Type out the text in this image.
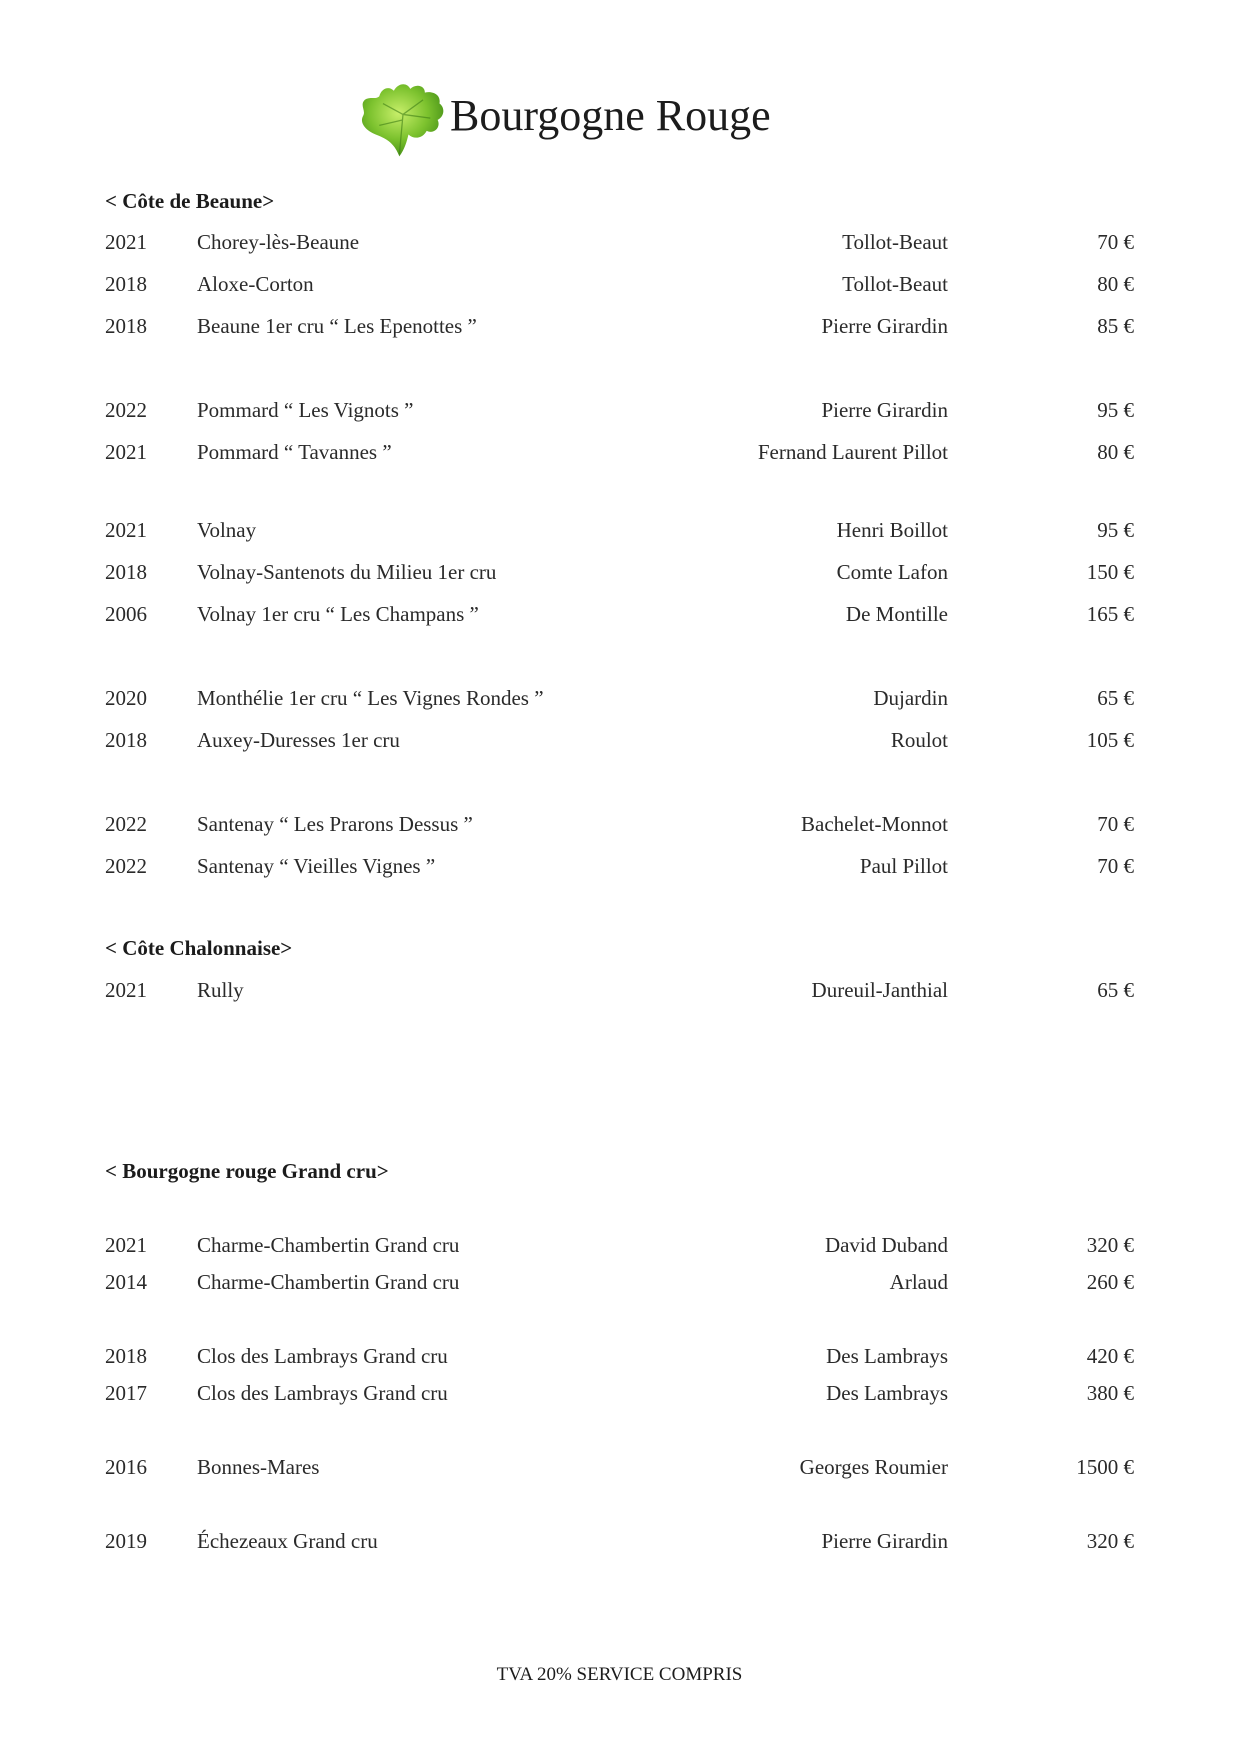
Bourgogne Rouge
< Côte de Beaune>
2021 Chorey-lès-Beaune	Tollot-Beaut	70 €
2018 Aloxe-Corton	Tollot-Beaut	80 €
2018 Beaune 1er cru “ Les Epenottes ”	Pierre Girardin	85 €
2022 Pommard “ Les Vignots ”	Pierre Girardin	95 €
2021 Pommard “ Tavannes ”	Fernand Laurent Pillot	80 €
2021 Volnay	Henri Boillot	95 €
2018 Volnay-Santenots du Milieu 1er cru	Comte Lafon	150 €
2006 Volnay 1er cru “ Les Champans ”	De Montille	165 €
2020 Monthélie 1er cru “ Les Vignes Rondes ”	Dujardin	65 €
2018 Auxey-Duresses 1er cru	Roulot	105 €
2022 Santenay “ Les Prarons Dessus ”	Bachelet-Monnot	70 €
2022 Santenay “ Vieilles Vignes ”	Paul Pillot	70 €
< Côte Chalonnaise>
2021 Rully	Dureuil-Janthial	65 €
< Bourgogne rouge Grand cru>
2021 Charme-Chambertin Grand cru	David Duband	320 €
2014 Charme-Chambertin Grand cru	Arlaud	260 €
2018 Clos des Lambrays Grand cru	Des Lambrays	420 €
2017 Clos des Lambrays Grand cru	Des Lambrays	380 €
2016 Bonnes-Mares	Georges Roumier	1500 €
2019 Échezeaux Grand cru	Pierre Girardin	320 €
TVA 20% SERVICE COMPRIS
